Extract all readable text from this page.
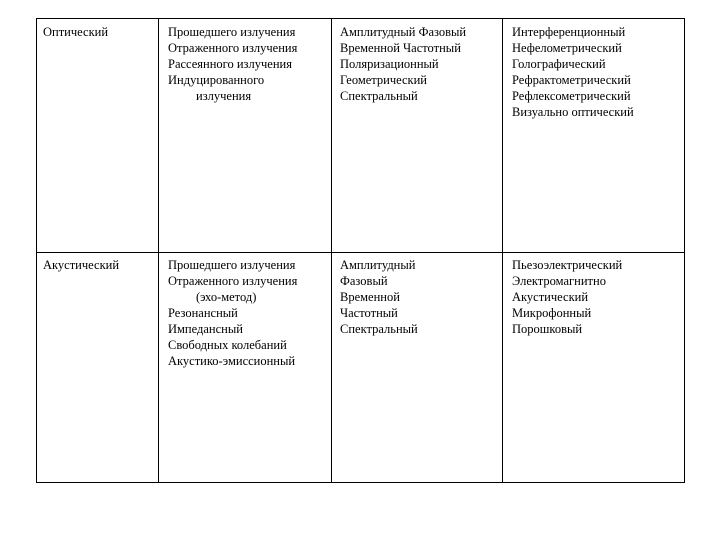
Оптический	Прошедшего излучения
Отраженного излучения
Рассеянного излучения
Индуцированного
излучения
Амплитудный Фазовый
Временной Частотный
Поляризационный
Геометрический
Спектральный
Интерференционный
Нефелометрический
Голографический
Рефрактометрический
Рефлексометрический
Визуально оптический
Акустический	Прошедшего излучения
Отраженного излучения
(эхо-метод)
Резонансный
Импедансный
Свободных колебаний
Акустико-эмиссионный
Амплитудный
Фазовый
Временной
Частотный
Спектральный
Пьезоэлектрический
Электромагнитно
Акустический
Микрофонный
Порошковый
